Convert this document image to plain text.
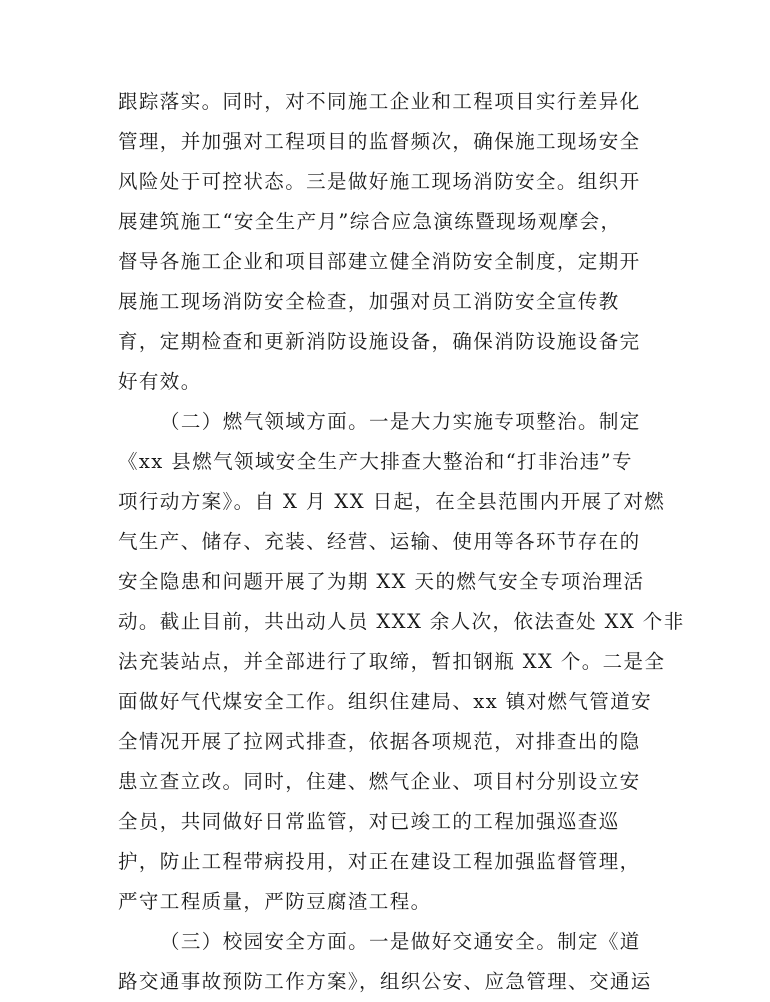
跟踪落实。同时，对不同施工企业和工程项目实行差异化
管理，并加强对工程项目的监督频次，确保施工现场安全
风险处于可控状态。三是做好施工现场消防安全。组织开
展建筑施工“安全生产月”综合应急演练暨现场观摩会，
督导各施工企业和项目部建立健全消防安全制度，定期开
展施工现场消防安全检查，加强对员工消防安全宣传教
育，定期检查和更新消防设施设备，确保消防设施设备完
好有效。
（二）燃气领域方面。一是大力实施专项整治。制定
《xx 县燃气领域安全生产大排查大整治和“打非治违”专
项行动方案》。自 X 月 XX 日起，在全县范围内开展了对燃
气生产、储存、充装、经营、运输、使用等各环节存在的
安全隐患和问题开展了为期 XX 天的燃气安全专项治理活
动。截止目前，共出动人员 XXX 余人次，依法查处 XX 个非
法充装站点，并全部进行了取缔，暂扣钢瓶 XX 个。二是全
面做好气代煤安全工作。组织住建局、xx 镇对燃气管道安
全情况开展了拉网式排查，依据各项规范，对排查出的隐
患立查立改。同时，住建、燃气企业、项目村分别设立安
全员，共同做好日常监管，对已竣工的工程加强巡查巡
护，防止工程带病投用，对正在建设工程加强监督管理，
严守工程质量，严防豆腐渣工程。
（三）校园安全方面。一是做好交通安全。制定《道
路交通事故预防工作方案》，组织公安、应急管理、交通运
